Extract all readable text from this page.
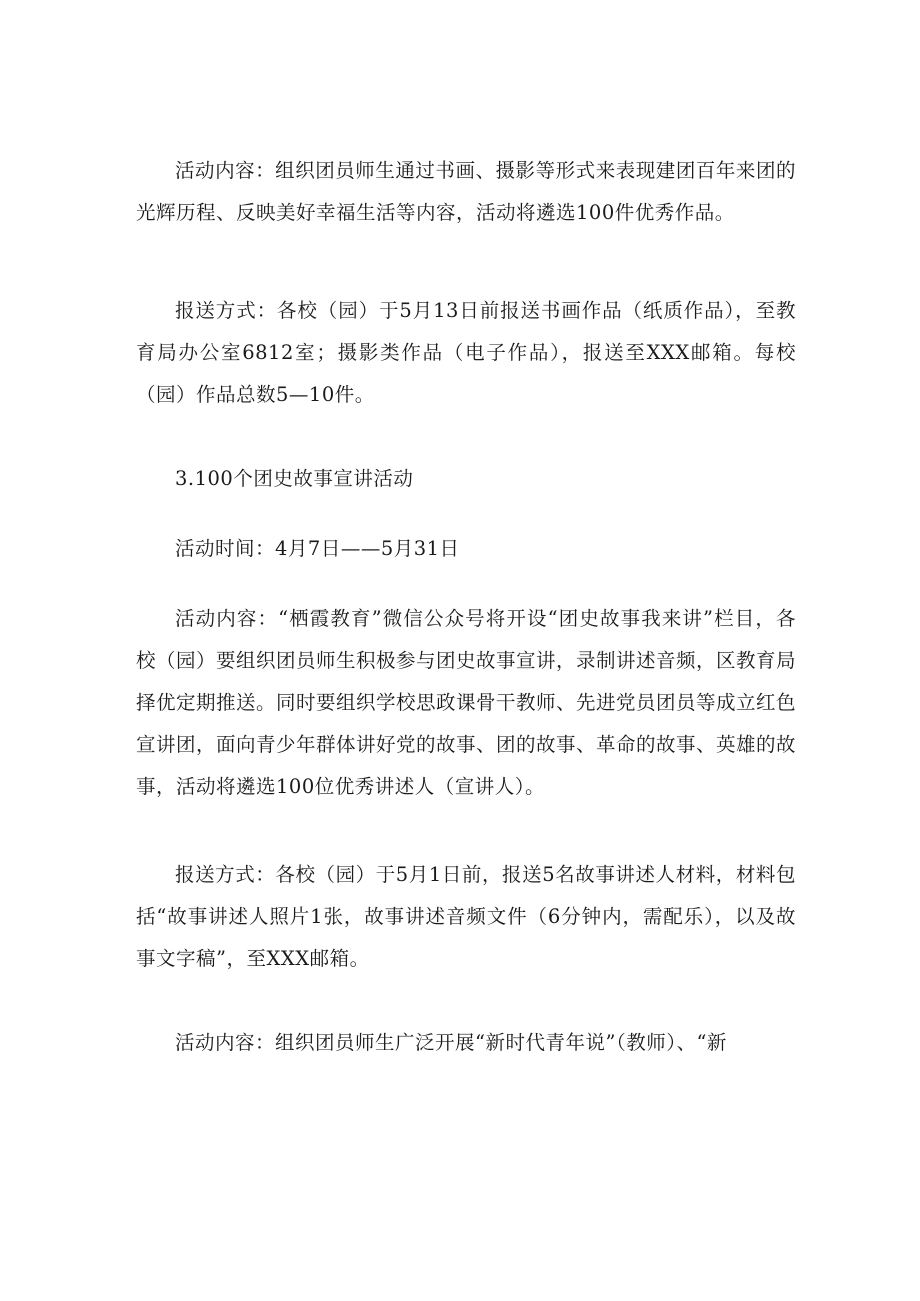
活动内容：组织团员师生通过书画、摄影等形式来表现建团百年来团的光辉历程、反映美好幸福生活等内容，活动将遴选100件优秀作品。

报送方式：各校（园）于5月13日前报送书画作品（纸质作品），至教育局办公室6812室；摄影类作品（电子作品），报送至XXX邮箱。每校（园）作品总数5—10件。

3.100个团史故事宣讲活动

活动时间：4月7日——5月31日

活动内容：“栖霞教育”微信公众号将开设“团史故事我来讲”栏目，各校（园）要组织团员师生积极参与团史故事宣讲，录制讲述音频，区教育局择优定期推送。同时要组织学校思政课骨干教师、先进党员团员等成立红色宣讲团，面向青少年群体讲好党的故事、团的故事、革命的故事、英雄的故事，活动将遴选100位优秀讲述人（宣讲人）。

报送方式：各校（园）于5月1日前，报送5名故事讲述人材料，材料包括“故事讲述人照片1张，故事讲述音频文件（6分钟内，需配乐），以及故事文字稿”，至XXX邮箱。

活动内容：组织团员师生广泛开展“新时代青年说”（教师）、“新
